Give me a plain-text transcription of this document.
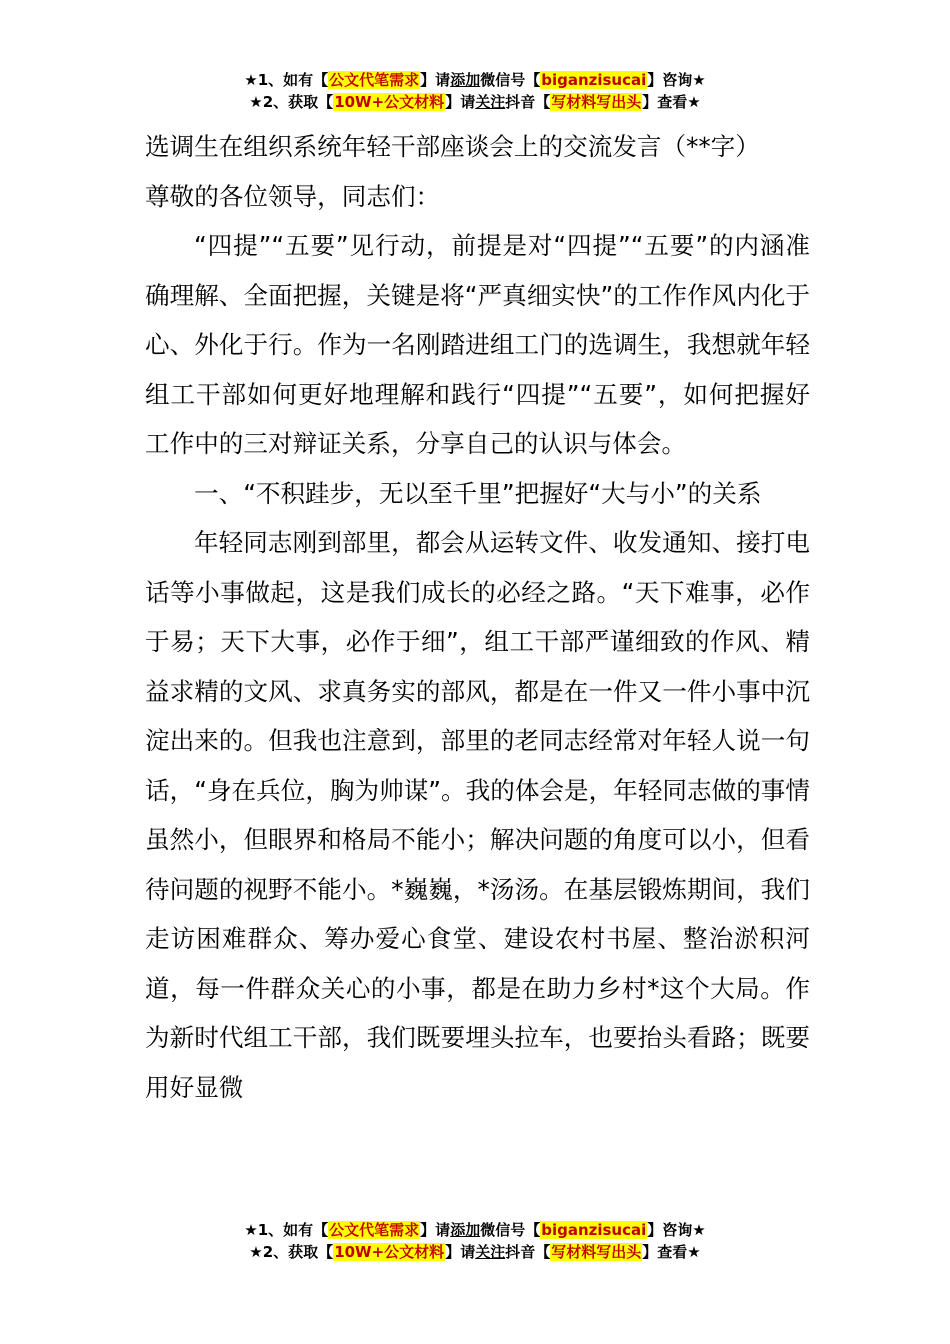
★1、如有【公文代笔需求】请添加微信号【biganzisucai】咨询★
★2、获取【10W+公文材料】请关注抖音【写材料写出头】查看★

选调生在组织系统年轻干部座谈会上的交流发言（**字）

尊敬的各位领导，同志们：

“四提”“五要”见行动，前提是对“四提”“五要”的内涵准确理解、全面把握，关键是将“严真细实快”的工作作风内化于心、外化于行。作为一名刚踏进组工门的选调生，我想就年轻组工干部如何更好地理解和践行“四提”“五要”，如何把握好工作中的三对辩证关系，分享自己的认识与体会。

一、“不积跬步，无以至千里”把握好“大与小”的关系

年轻同志刚到部里，都会从运转文件、收发通知、接打电话等小事做起，这是我们成长的必经之路。“天下难事，必作于易；天下大事，必作于细”，组工干部严谨细致的作风、精益求精的文风、求真务实的部风，都是在一件又一件小事中沉淀出来的。但我也注意到，部里的老同志经常对年轻人说一句话，“身在兵位，胸为帅谋”。我的体会是，年轻同志做的事情虽然小，但眼界和格局不能小；解决问题的角度可以小，但看待问题的视野不能小。*巍巍，*汤汤。在基层锻炼期间，我们走访困难群众、筹办爱心食堂、建设农村书屋、整治淤积河道，每一件群众关心的小事，都是在助力乡村*这个大局。作为新时代组工干部，我们既要埋头拉车，也要抬头看路；既要用好显微

★1、如有【公文代笔需求】请添加微信号【biganzisucai】咨询★
★2、获取【10W+公文材料】请关注抖音【写材料写出头】查看★
